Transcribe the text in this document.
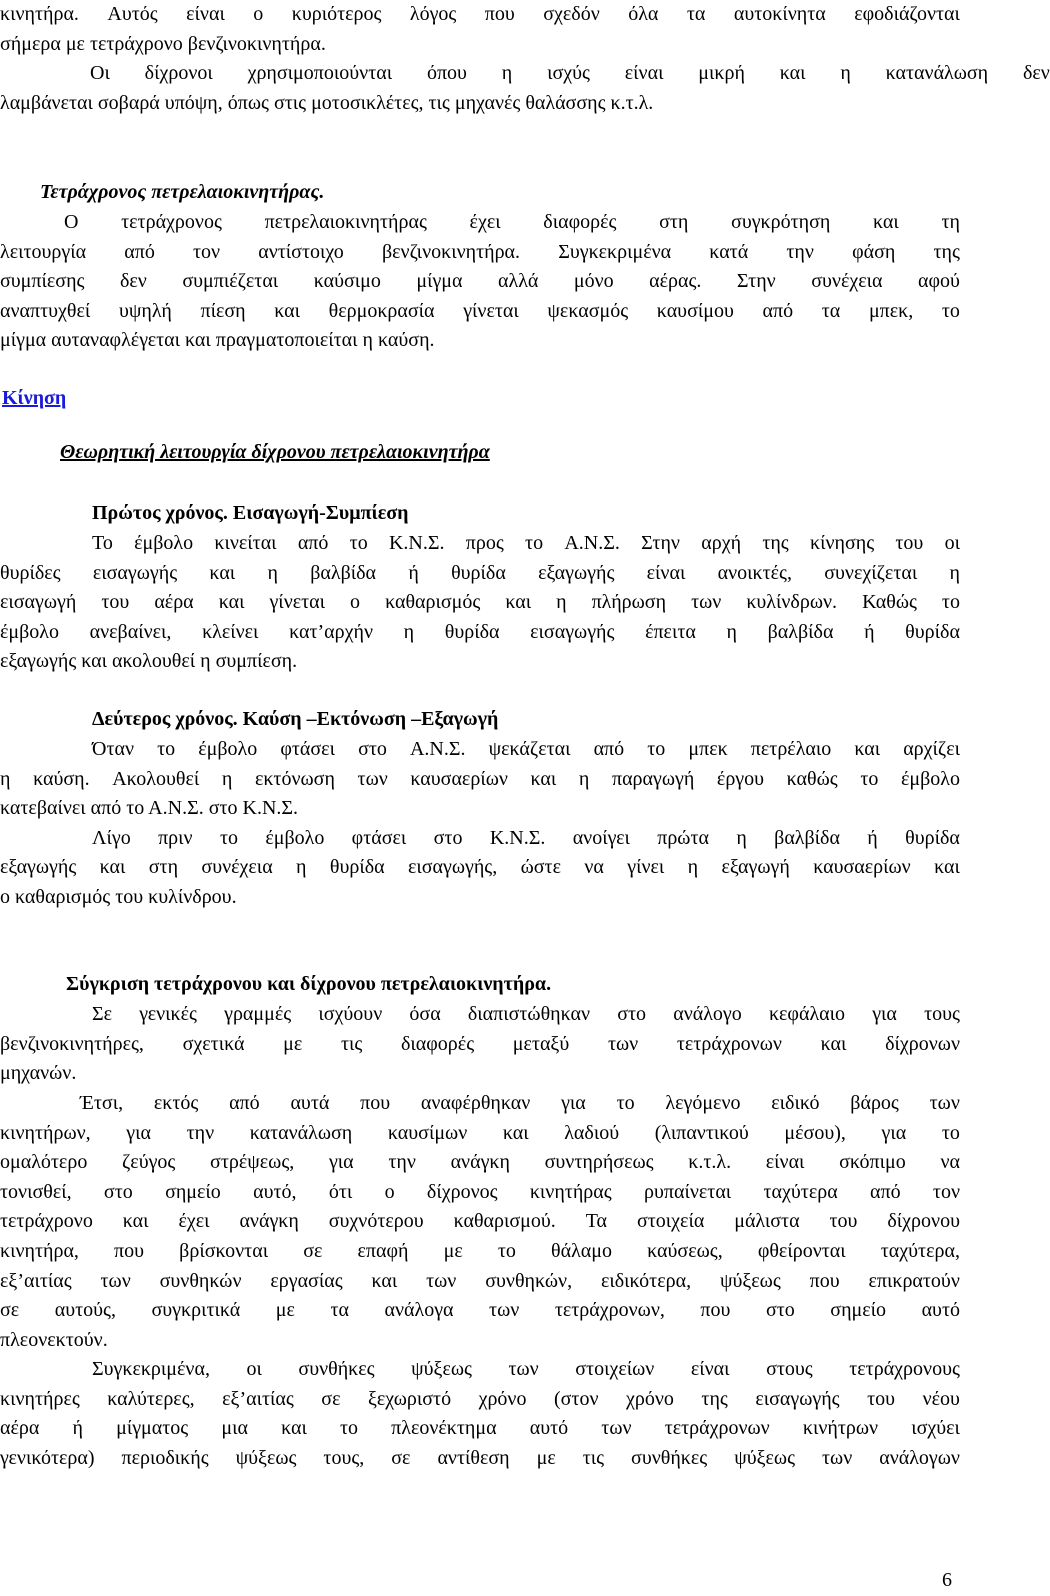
κινητήρα. Αυτός είναι ο κυριότερος λόγος που σχεδόν όλα τα αυτοκίνητα εφοδιάζονται
σήμερα με τετράχρονο βενζινοκινητήρα.
Οι δίχρονοι χρησιμοποιούνται όπου η ισχύς είναι μικρή και η κατανάλωση δεν
λαμβάνεται σοβαρά υπόψη, όπως στις μοτοσικλέτες, τις μηχανές θαλάσσης κ.τ.λ.
Τετράχρονος πετρελαιοκινητήρας.
Ο τετράχρονος πετρελαιοκινητήρας έχει διαφορές στη συγκρότηση και τη
λειτουργία από τον αντίστοιχο βενζινοκινητήρα. Συγκεκριμένα κατά την φάση της
συμπίεσης δεν συμπιέζεται καύσιμο μίγμα αλλά μόνο αέρας. Στην συνέχεια αφού
αναπτυχθεί υψηλή πίεση και θερμοκρασία γίνεται ψεκασμός καυσίμου από τα μπεκ, το
μίγμα αυταναφλέγεται και πραγματοποιείται η καύση.
Κίνηση
Θεωρητική λειτουργία δίχρονου πετρελαιοκινητήρα
Πρώτος χρόνος. Εισαγωγή-Συμπίεση
Το έμβολο κινείται από το Κ.Ν.Σ. προς το Α.Ν.Σ. Στην αρχή της κίνησης του οι
θυρίδες εισαγωγής και η βαλβίδα ή θυρίδα εξαγωγής είναι ανοικτές, συνεχίζεται η
εισαγωγή του αέρα και γίνεται ο καθαρισμός και η πλήρωση των κυλίνδρων. Καθώς το
έμβολο ανεβαίνει, κλείνει κατ’αρχήν η θυρίδα εισαγωγής έπειτα η βαλβίδα ή θυρίδα
εξαγωγής και ακολουθεί η συμπίεση.
Δεύτερος χρόνος. Καύση –Εκτόνωση –Εξαγωγή
Όταν το έμβολο φτάσει στο Α.Ν.Σ. ψεκάζεται από το μπεκ πετρέλαιο και αρχίζει
η καύση. Ακολουθεί η εκτόνωση των καυσαερίων και η παραγωγή έργου καθώς το έμβολο
κατεβαίνει από το Α.Ν.Σ. στο Κ.Ν.Σ.
Λίγο πριν το έμβολο φτάσει στο Κ.Ν.Σ. ανοίγει πρώτα η βαλβίδα ή θυρίδα
εξαγωγής και στη συνέχεια η θυρίδα εισαγωγής, ώστε να γίνει η εξαγωγή καυσαερίων και
ο καθαρισμός του κυλίνδρου.
Σύγκριση τετράχρονου και δίχρονου πετρελαιοκινητήρα.
Σε γενικές γραμμές ισχύουν όσα διαπιστώθηκαν στο ανάλογο κεφάλαιο για τους
βενζινοκινητήρες, σχετικά με τις διαφορές μεταξύ των τετράχρονων και δίχρονων
μηχανών.
Έτσι, εκτός από αυτά που αναφέρθηκαν για το λεγόμενο ειδικό βάρος των
κινητήρων, για την κατανάλωση καυσίμων και λαδιού (λιπαντικού μέσου), για το
ομαλότερο ζεύγος στρέψεως, για την ανάγκη συντηρήσεως κ.τ.λ. είναι σκόπιμο να
τονισθεί, στο σημείο αυτό, ότι ο δίχρονος κινητήρας ρυπαίνεται ταχύτερα από τον
τετράχρονο και έχει ανάγκη συχνότερου καθαρισμού. Τα στοιχεία μάλιστα του δίχρονου
κινητήρα, που βρίσκονται σε επαφή με το θάλαμο καύσεως, φθείρονται ταχύτερα,
εξ’αιτίας των συνθηκών εργασίας και των συνθηκών, ειδικότερα, ψύξεως που επικρατούν
σε αυτούς, συγκριτικά με τα ανάλογα των τετράχρονων, που στο σημείο αυτό
πλεονεκτούν.
Συγκεκριμένα, οι συνθήκες ψύξεως των στοιχείων είναι στους τετράχρονους
κινητήρες καλύτερες, εξ’αιτίας σε ξεχωριστό χρόνο (στον χρόνο της εισαγωγής του νέου
αέρα ή μίγματος μια και το πλεονέκτημα αυτό των τετράχρονων κινήτρων ισχύει
γενικότερα) περιοδικής ψύξεως τους, σε αντίθεση με τις συνθήκες ψύξεως των ανάλογων
6
